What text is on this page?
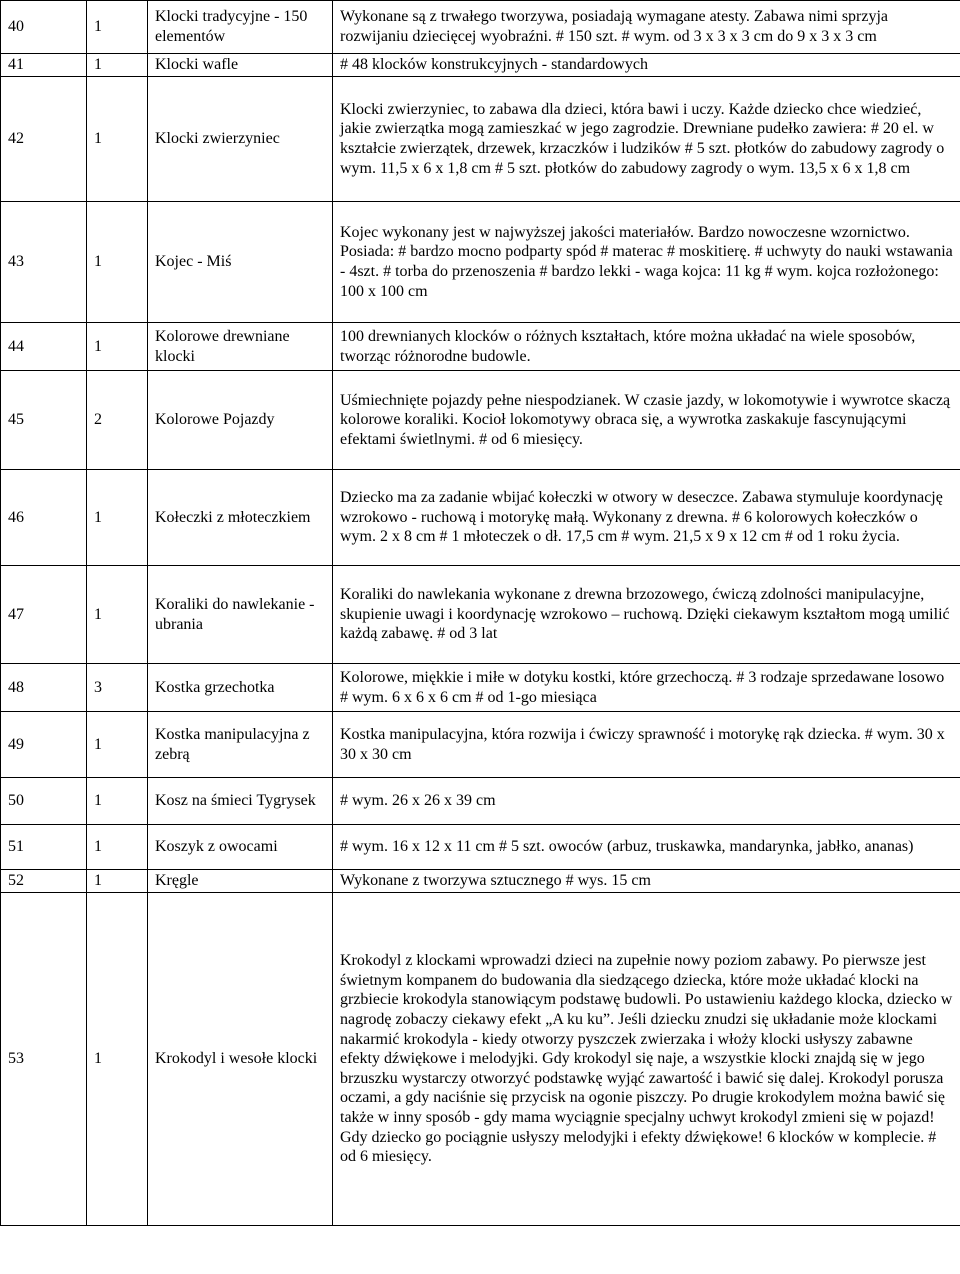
40	1	Klocki tradycyjne - 150 elementów	Wykonane są z trwałego tworzywa, posiadają wymagane atesty. Zabawa nimi sprzyja rozwijaniu dziecięcej wyobraźni. # 150 szt. # wym. od 3 x 3 x 3 cm do 9 x 3 x 3 cm
41	1	Klocki wafle	# 48 klocków konstrukcyjnych - standardowych
42	1	Klocki zwierzyniec	Klocki zwierzyniec, to zabawa dla dzieci, która bawi i uczy. Każde dziecko chce wiedzieć, jakie zwierzątka mogą zamieszkać w jego zagrodzie. Drewniane pudełko zawiera: # 20 el. w kształcie zwierzątek, drzewek, krzaczków i ludzików # 5 szt. płotków do zabudowy zagrody o wym. 11,5 x 6 x 1,8 cm # 5 szt. płotków do zabudowy zagrody o wym. 13,5 x 6 x 1,8 cm
43	1	Kojec - Miś	Kojec wykonany jest w najwyższej jakości materiałów. Bardzo nowoczesne wzornictwo. Posiada: # bardzo mocno podparty spód # materac # moskitierę. # uchwyty do nauki wstawania - 4szt. # torba do przenoszenia # bardzo lekki - waga kojca: 11 kg # wym. kojca rozłożonego: 100 x 100 cm
44	1	Kolorowe drewniane klocki	100 drewnianych klocków o różnych kształtach, które można układać na wiele sposobów, tworząc różnorodne budowle.
45	2	Kolorowe Pojazdy	Uśmiechnięte pojazdy pełne niespodzianek. W czasie jazdy, w lokomotywie i wywrotce skaczą kolorowe koraliki. Kocioł lokomotywy obraca się, a wywrotka zaskakuje fascynującymi efektami świetlnymi. # od 6 miesięcy.
46	1	Kołeczki z młoteczkiem	Dziecko ma za zadanie wbijać kołeczki w otwory w deseczce. Zabawa stymuluje koordynację wzrokowo - ruchową i motorykę małą. Wykonany z drewna. # 6 kolorowych kołeczków o wym. 2 x 8 cm # 1 młoteczek o dł. 17,5 cm # wym. 21,5 x 9 x 12 cm # od 1 roku życia.
47	1	Koraliki do nawlekanie - ubrania	Koraliki do nawlekania wykonane z drewna brzozowego, ćwiczą zdolności manipulacyjne, skupienie uwagi i koordynację wzrokowo – ruchową. Dzięki ciekawym kształtom mogą umilić każdą zabawę. # od 3 lat
48	3	Kostka grzechotka	Kolorowe, miękkie i miłe w dotyku kostki, które grzechoczą. # 3 rodzaje sprzedawane losowo # wym. 6 x 6 x 6 cm # od 1-go miesiąca
49	1	Kostka manipulacyjna z zebrą	Kostka manipulacyjna, która rozwija i ćwiczy sprawność i motorykę rąk dziecka. # wym. 30 x 30 x 30 cm
50	1	Kosz na śmieci Tygrysek	# wym. 26 x 26 x 39 cm
51	1	Koszyk z owocami	# wym. 16 x 12 x 11 cm # 5 szt. owoców (arbuz, truskawka, mandarynka, jabłko, ananas)
52	1	Kręgle	Wykonane z tworzywa sztucznego # wys. 15 cm
53	1	Krokodyl i wesołe klocki	Krokodyl z klockami wprowadzi dzieci na zupełnie nowy poziom zabawy. Po pierwsze jest świetnym kompanem do budowania dla siedzącego dziecka, które może układać klocki na grzbiecie krokodyla stanowiącym podstawę budowli. Po ustawieniu każdego klocka, dziecko w nagrodę zobaczy ciekawy efekt „A ku ku”. Jeśli dziecku znudzi się układanie może klockami nakarmić krokodyla - kiedy otworzy pyszczek zwierzaka i włoży klocki usłyszy zabawne efekty dźwiękowe i melodyjki. Gdy krokodyl się naje, a wszystkie klocki znajdą się w jego brzuszku wystarczy otworzyć podstawkę wyjąć zawartość i bawić się dalej. Krokodyl porusza oczami, a gdy naciśnie się przycisk na ogonie piszczy. Po drugie krokodylem można bawić się także w inny sposób - gdy mama wyciągnie specjalny uchwyt krokodyl zmieni się w pojazd! Gdy dziecko go pociągnie usłyszy melodyjki i efekty dźwiękowe! 6 klocków w komplecie. # od 6 miesięcy.
